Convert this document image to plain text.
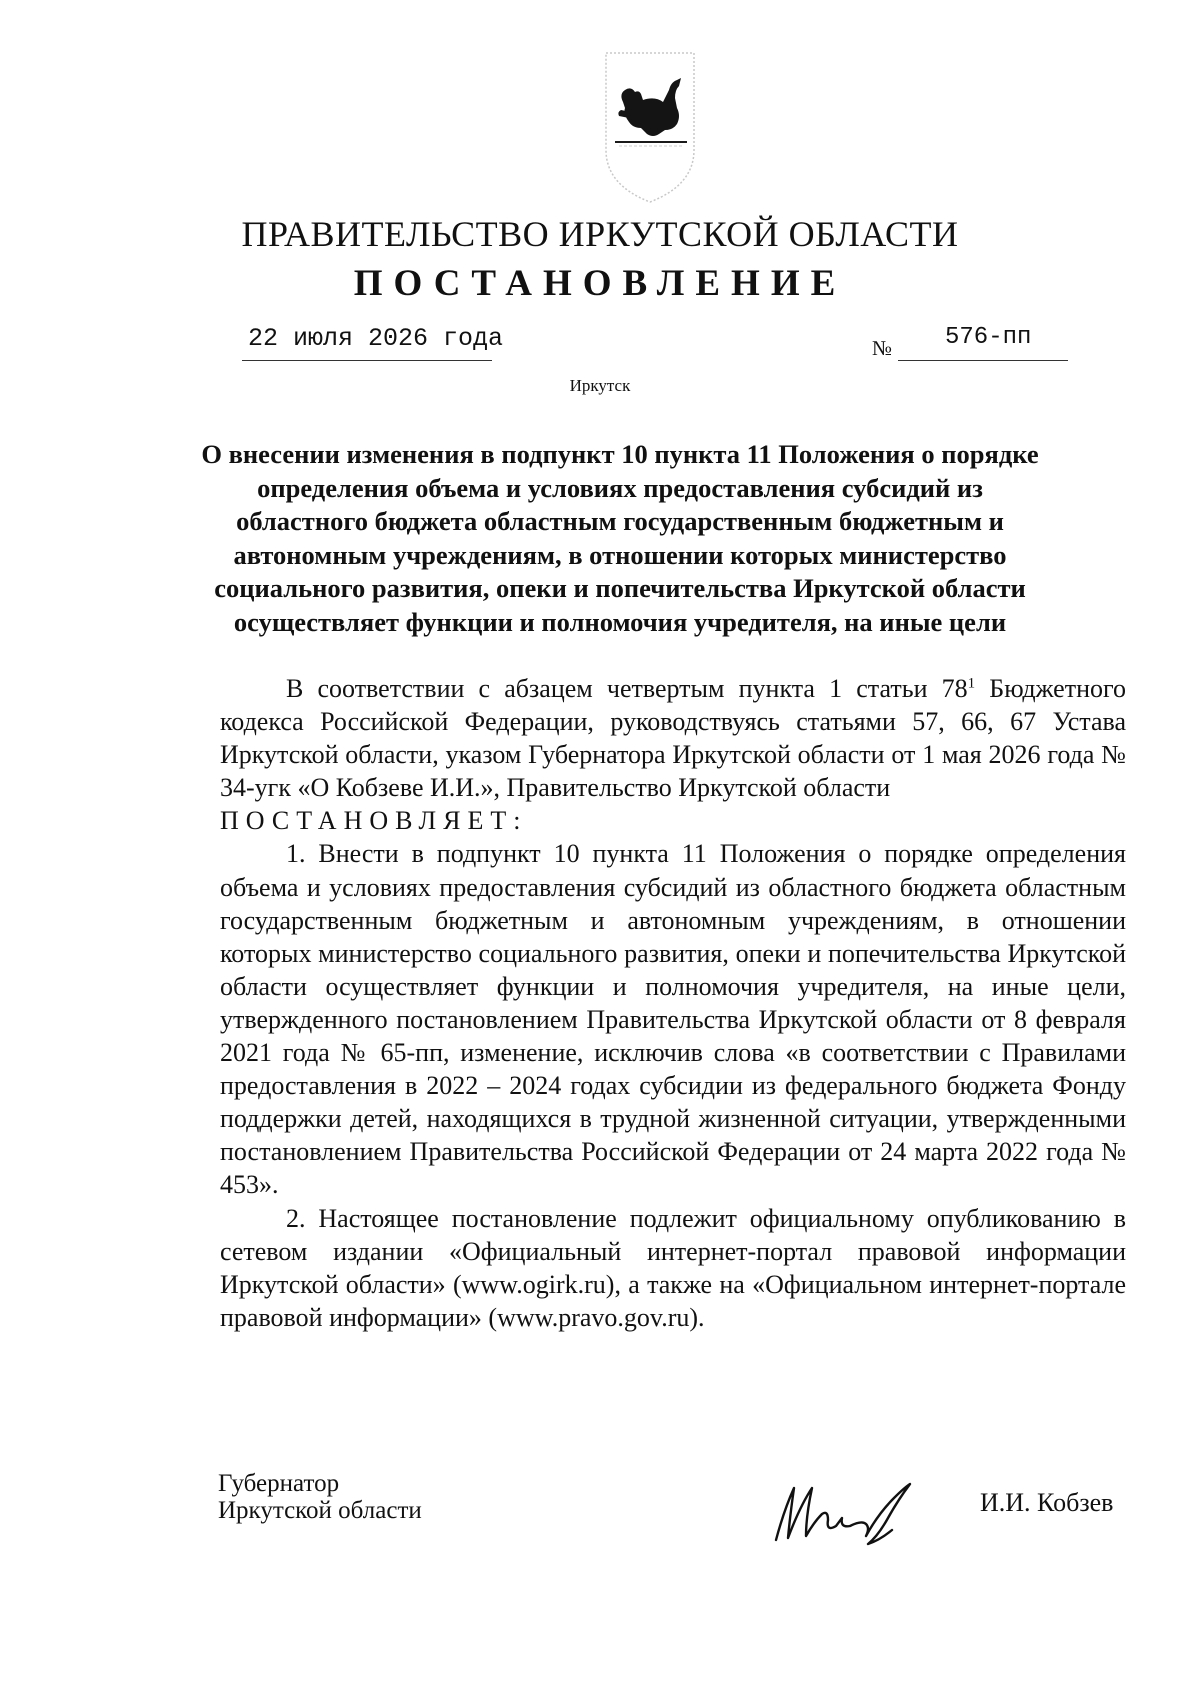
ПРАВИТЕЛЬСТВО ИРКУТСКОЙ ОБЛАСТИ
ПОСТАНОВЛЕНИЕ
22 июля 2026 года	№ 576-пп
Иркутск
О внесении изменения в подпункт 10 пункта 11 Положения о порядке определения объема и условиях предоставления субсидий из областного бюджета областным государственным бюджетным и автономным учреждениям, в отношении которых министерство социального развития, опеки и попечительства Иркутской области осуществляет функции и полномочия учредителя, на иные цели
В соответствии с абзацем четвертым пункта 1 статьи $78^1$ Бюджетного кодекса Российской Федерации, руководствуясь статьями 57, 66, 67 Устава Иркутской области, указом Губернатора Иркутской области от 1 мая 2026 года № 34-угк «О Кобзеве И.И.», Правительство Иркутской области
ПОСТАНОВЛЯЕТ:
1. Внести в подпункт 10 пункта 11 Положения о порядке определения объема и условиях предоставления субсидий из областного бюджета областным государственным бюджетным и автономным учреждениям, в отношении которых министерство социального развития, опеки и попечительства Иркутской области осуществляет функции и полномочия учредителя, на иные цели, утвержденного постановлением Правительства Иркутской области от 8 февраля 2021 года № 65-пп, изменение, исключив слова «в соответствии с Правилами предоставления в 2022 – 2024 годах субсидии из федерального бюджета Фонду поддержки детей, находящихся в трудной жизненной ситуации, утвержденными постановлением Правительства Российской Федерации от 24 марта 2022 года № 453».
2. Настоящее постановление подлежит официальному опубликованию в сетевом издании «Официальный интернет-портал правовой информации Иркутской области» (www.ogirk.ru), а также на «Официальном интернет-портале правовой информации» (www.pravo.gov.ru).
Губернатор
Иркутской области	И.И. Кобзев
